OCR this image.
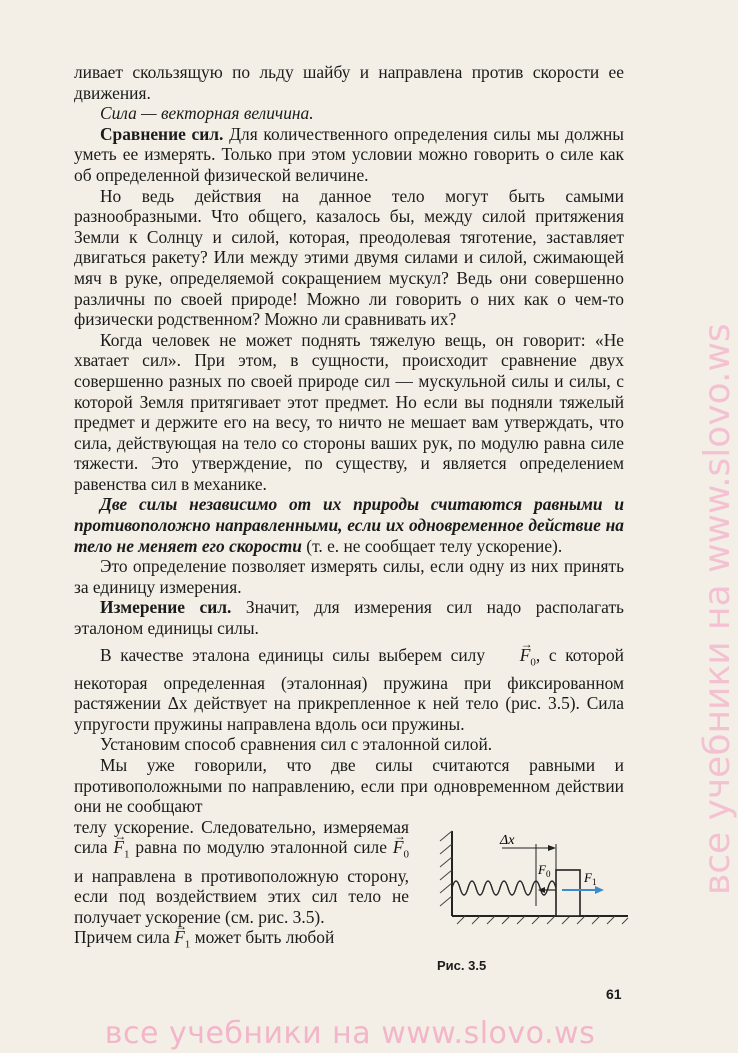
ливает скользящую по льду шайбу и направлена против скорости ее движения.

Сила — векторная величина.

Сравнение сил. Для количественного определения силы мы должны уметь ее измерять. Только при этом условии можно говорить о силе как об определенной физической величине.

Но ведь действия на данное тело могут быть самыми разнообразными. Что общего, казалось бы, между силой притяжения Земли к Солнцу и силой, которая, преодолевая тяготение, заставляет двигаться ракету? Или между этими двумя силами и силой, сжимающей мяч в руке, определяемой сокращением мускул? Ведь они совершенно различны по своей природе! Можно ли говорить о них как о чем-то физически родственном? Можно ли сравнивать их?

Когда человек не может поднять тяжелую вещь, он говорит: «Не хватает сил». При этом, в сущности, происходит сравнение двух совершенно разных по своей природе сил — мускульной силы и силы, с которой Земля притягивает этот предмет. Но если вы подняли тяжелый предмет и держите его на весу, то ничто не мешает вам утверждать, что сила, действующая на тело со стороны ваших рук, по модулю равна силе тяжести. Это утверждение, по существу, и является определением равенства сил в механике.

Две силы независимо от их природы считаются равными и противоположно направленными, если их одновременное действие на тело не меняет его скорости (т. е. не сообщает телу ускорение).

Это определение позволяет измерять силы, если одну из них принять за единицу измерения.

Измерение сил. Значит, для измерения сил надо располагать эталоном единицы силы.

В качестве эталона единицы силы выберем силу → $F_0$, с которой некоторая определенная (эталонная) пружина при фиксированном растяжении Δx действует на прикрепленное к ней тело (рис. 3.5). Сила упругости пружины направлена вдоль оси пружины.

Установим способ сравнения сил с эталонной силой.

Мы уже говорили, что две силы считаются равными и противоположными по направлению, если при одновременном действии они не сообщают

телу ускорение. Следовательно, измеряемая сила → $F_1$ равна по модулю эталонной силе → $F_0$ и направлена в противоположную сторону, если под воздействием этих сил тело не получает ускорение (см. рис. 3.5).

Причем сила → $F_1$ может быть любой

Δx
F 0	F 1
Рис. 3.5
61
все учебники на www.slovo.ws
все учебники на www.slovo.ws
